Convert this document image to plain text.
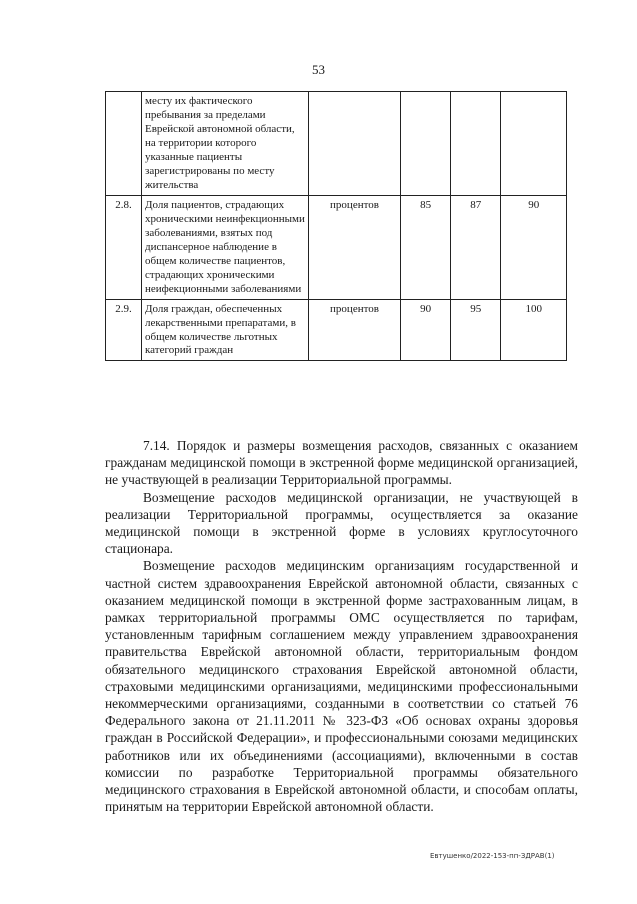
53
	месту их фактического пребывания за пределами Еврейской автономной области, на территории которого указанные пациенты зарегистрированы по месту жительства				
2.8.	Доля пациентов, страдающих хроническими неинфекционными заболеваниями, взятых под диспансерное наблюдение в общем количестве пациентов, страдающих хроническими неифекционными заболеваниями	процентов	85	87	90
2.9.	Доля граждан, обеспеченных лекарственными препаратами, в общем количестве льготных категорий граждан	процентов	90	95	100

7.14. Порядок и размеры возмещения расходов, связанных с оказанием гражданам медицинской помощи в экстренной форме медицинской организацией, не участвующей в реализации Территориальной программы.

Возмещение расходов медицинской организации, не участвующей в реализации Территориальной программы, осуществляется за оказание медицинской помощи в экстренной форме в условиях круглосуточного стационара.

Возмещение расходов медицинским организациям государственной и частной систем здравоохранения Еврейской автономной области, связанных с оказанием медицинской помощи в экстренной форме застрахованным лицам, в рамках территориальной программы ОМС осуществляется по тарифам, установленным тарифным соглашением между управлением здравоохранения правительства Еврейской автономной области, территориальным фондом обязательного медицинского страхования Еврейской автономной области, страховыми медицинскими организациями, медицинскими профессиональными некоммерческими организациями, созданными в соответствии со статьей 76 Федерального закона от 21.11.2011 № 323-ФЗ «Об основах охраны здоровья граждан в Российской Федерации», и профессиональными союзами медицинских работников или их объединениями (ассоциациями), включенными в состав комиссии по разработке Территориальной программы обязательного медицинского страхования в Еврейской автономной области, и способам оплаты, принятым на территории Еврейской автономной области.

Евтушенко/2022-153-пп-ЗДРАВ(1)
